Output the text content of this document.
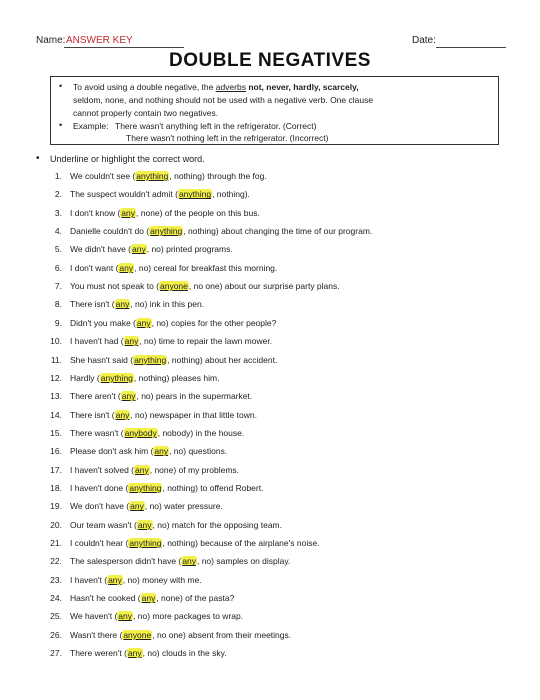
Name: ANSWER KEY	Date:
DOUBLE NEGATIVES
• To avoid using a double negative, the adverbs not, never, hardly, scarcely,
seldom, none, and nothing should not be used with a negative verb. One clause
cannot properly contain two negatives.
• Example: There wasn't anything left in the refrigerator. (Correct)
There wasn't nothing left in the refrigerator. (Incorrect)
• Underline or highlight the correct word.
1. We couldn't see (anything, nothing) through the fog.
2. The suspect wouldn't admit (anything, nothing).
3. I don't know (any, none) of the people on this bus.
4. Danielle couldn't do (anything, nothing) about changing the time of our program.
5. We didn't have (any, no) printed programs.
6. I don't want (any, no) cereal for breakfast this morning.
7. You must not speak to (anyone, no one) about our surprise party plans.
8. There isn't (any, no) ink in this pen.
9. Didn't you make (any, no) copies for the other people?
10. I haven't had (any, no) time to repair the lawn mower.
11. She hasn't said (anything, nothing) about her accident.
12. Hardly (anything, nothing) pleases him.
13. There aren't (any, no) pears in the supermarket.
14. There isn't (any, no) newspaper in that little town.
15. There wasn't (anybody, nobody) in the house.
16. Please don't ask him (any, no) questions.
17. I haven't solved (any, none) of my problems.
18. I haven't done (anything, nothing) to offend Robert.
19. We don't have (any, no) water pressure.
20. Our team wasn't (any, no) match for the opposing team.
21. I couldn't hear (anything, nothing) because of the airplane's noise.
22. The salesperson didn't have (any, no) samples on display.
23. I haven't (any, no) money with me.
24. Hasn't he cooked (any, none) of the pasta?
25. We haven't (any, no) more packages to wrap.
26. Wasn't there (anyone, no one) absent from their meetings.
27. There weren't (any, no) clouds in the sky.
